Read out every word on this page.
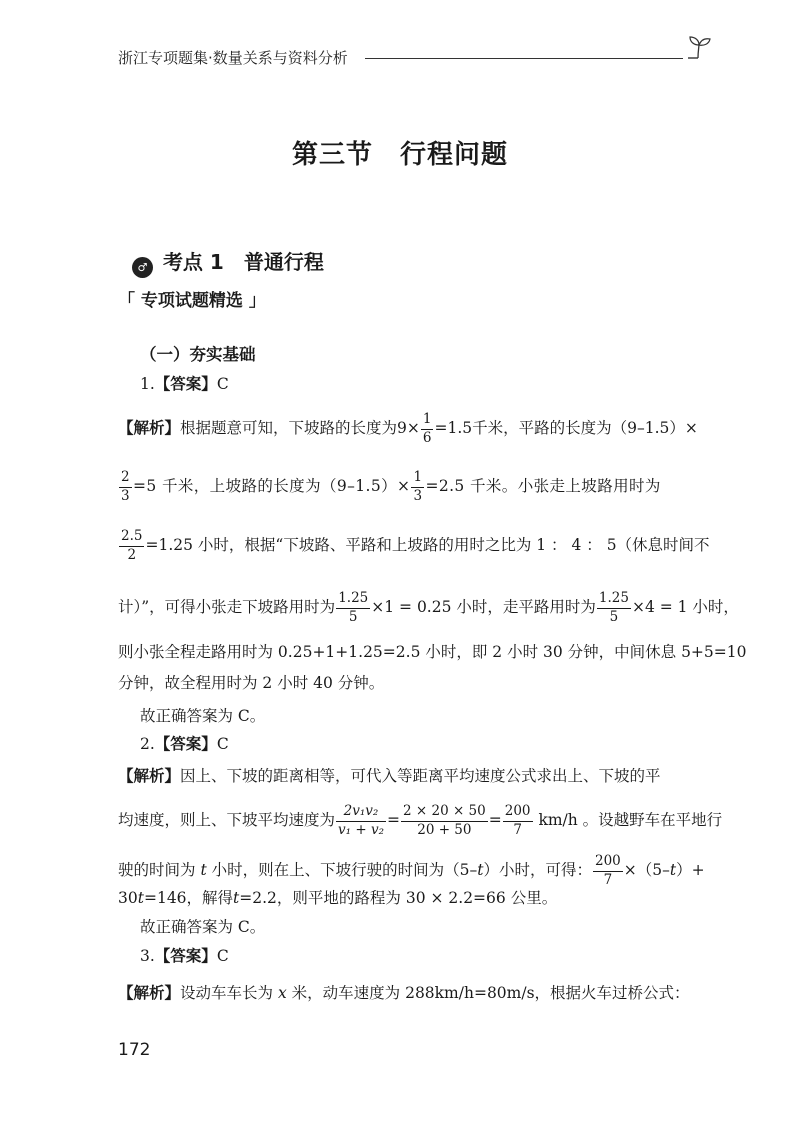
浙江专项题集·数量关系与资料分析
第三节　行程问题

♂ 考点 1　普通行程

「 专项试题精选 」
（一）夯实基础
1.【答案】C
【解析】根据题意可知，下坡路的长度为$9\times \frac{1}{6} =1.5$千米，平路的长度为（9–1.5）×
$\frac{2}{3} =5$ 千米，上坡路的长度为$(9-1.5)\times \frac{1}{3} =2.5$ 千米。小张走上坡路用时为
$\frac{2.5}{2} =1.25$ 小时，根据“下坡路、平路和上坡路的用时之比为 1 ： 4 ： 5（休息时间不
计）”，可得小张走下坡路用时为 $\frac{1.25}{5} \times 1 = 0.25$ 小时，走平路用时为 $\frac{1.25}{5} \times 4 = 1$ 小时，
则小张全程走路用时为 0.25+1+1.25=2.5 小时，即 2 小时 30 分钟，中间休息 5+5=10
分钟，故全程用时为 2 小时 40 分钟。
故正确答案为 C。
2.【答案】C
【解析】因上、下坡的距离相等，可代入等距离平均速度公式求出上、下坡的平
均速度，则上、下坡平均速度为 $\frac{\text{2v₁v₂}}{\text{v₁ + v₂}} = \frac{2 \times 20 \times 50}{20 + 50} = \frac{200}{7} km/h$ 。设越野车在平地行
驶的时间为 t 小时，则在上、下坡行驶的时间为（5–t）小时，可得： $\frac{200}{7} \times(5-t)+$
30t=146，解得t=2.2，则平地的路程为 30 × 2.2=66 公里。
故正确答案为 C。
3.【答案】C
【解析】设动车车长为 x 米，动车速度为 288km/h=80m/s，根据火车过桥公式：
172
